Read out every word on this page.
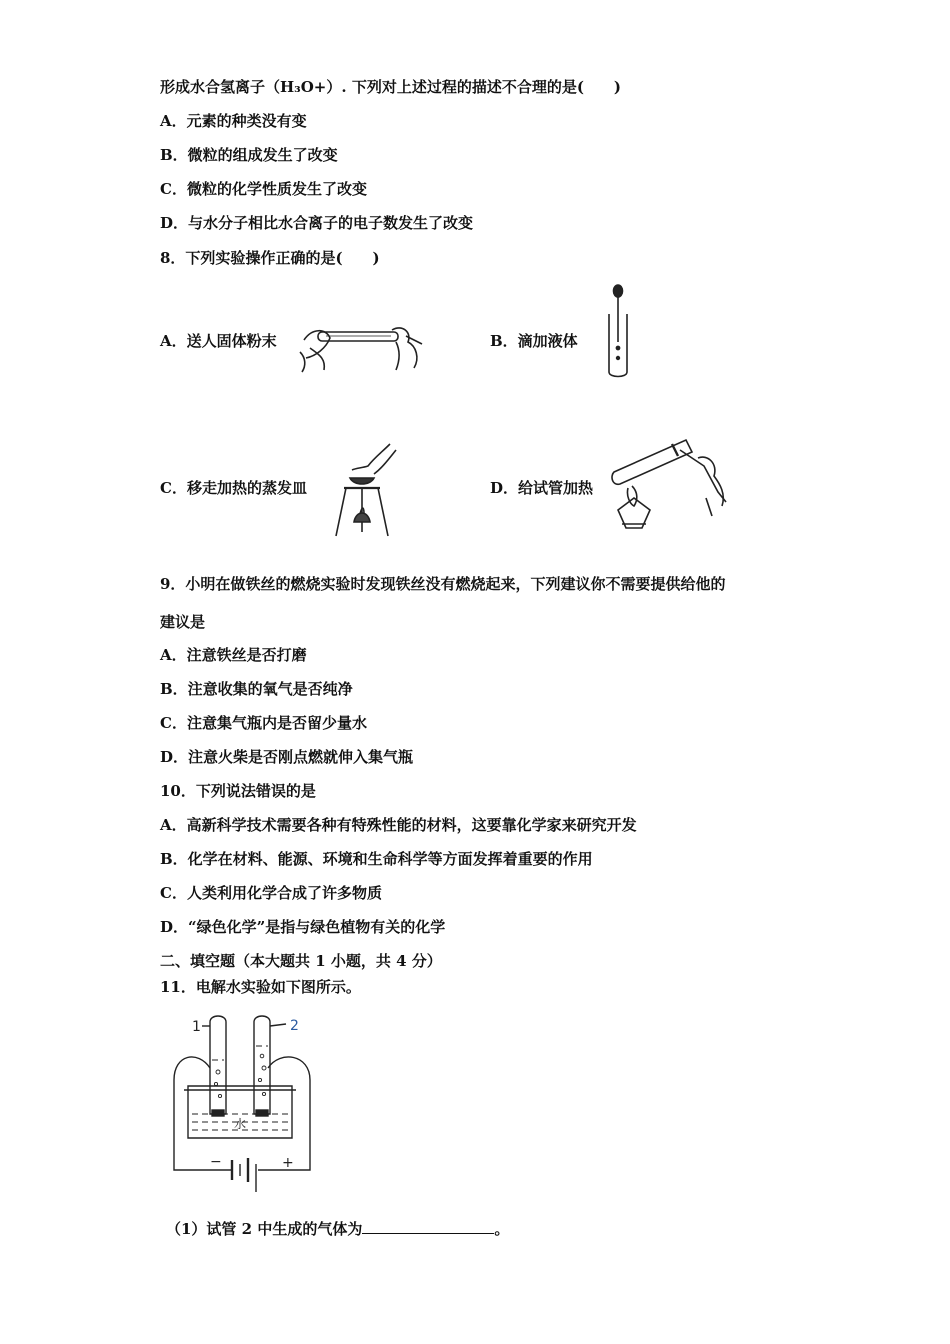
形成水合氢离子（H₃O+）. 下列对上述过程的描述不合理的是(　　)
A．元素的种类没有变
B．微粒的组成发生了改变
C．微粒的化学性质发生了改变
D．与水分子相比水合离子的电子数发生了改变
8．下列实验操作正确的是(　　)
A．送人固体粉末	B．滴加液体
C．移走加热的蒸发皿	D．给试管加热
9．小明在做铁丝的燃烧实验时发现铁丝没有燃烧起来，下列建议你不需要提供给他的
建议是
A．注意铁丝是否打磨
B．注意收集的氧气是否纯净
C．注意集气瓶内是否留少量水
D．注意火柴是否刚点燃就伸入集气瓶
10．下列说法错误的是
A．高新科学技术需要各种有特殊性能的材料，这要靠化学家来研究开发
B．化学在材料、能源、环境和生命科学等方面发挥着重要的作用
C．人类利用化学合成了许多物质
D．“绿色化学”是指与绿色植物有关的化学
二、填空题（本大题共 1 小题，共 4 分）
11．电解水实验如下图所示。
1	2
水
−	+
（1）试管 2 中生成的气体为	。
